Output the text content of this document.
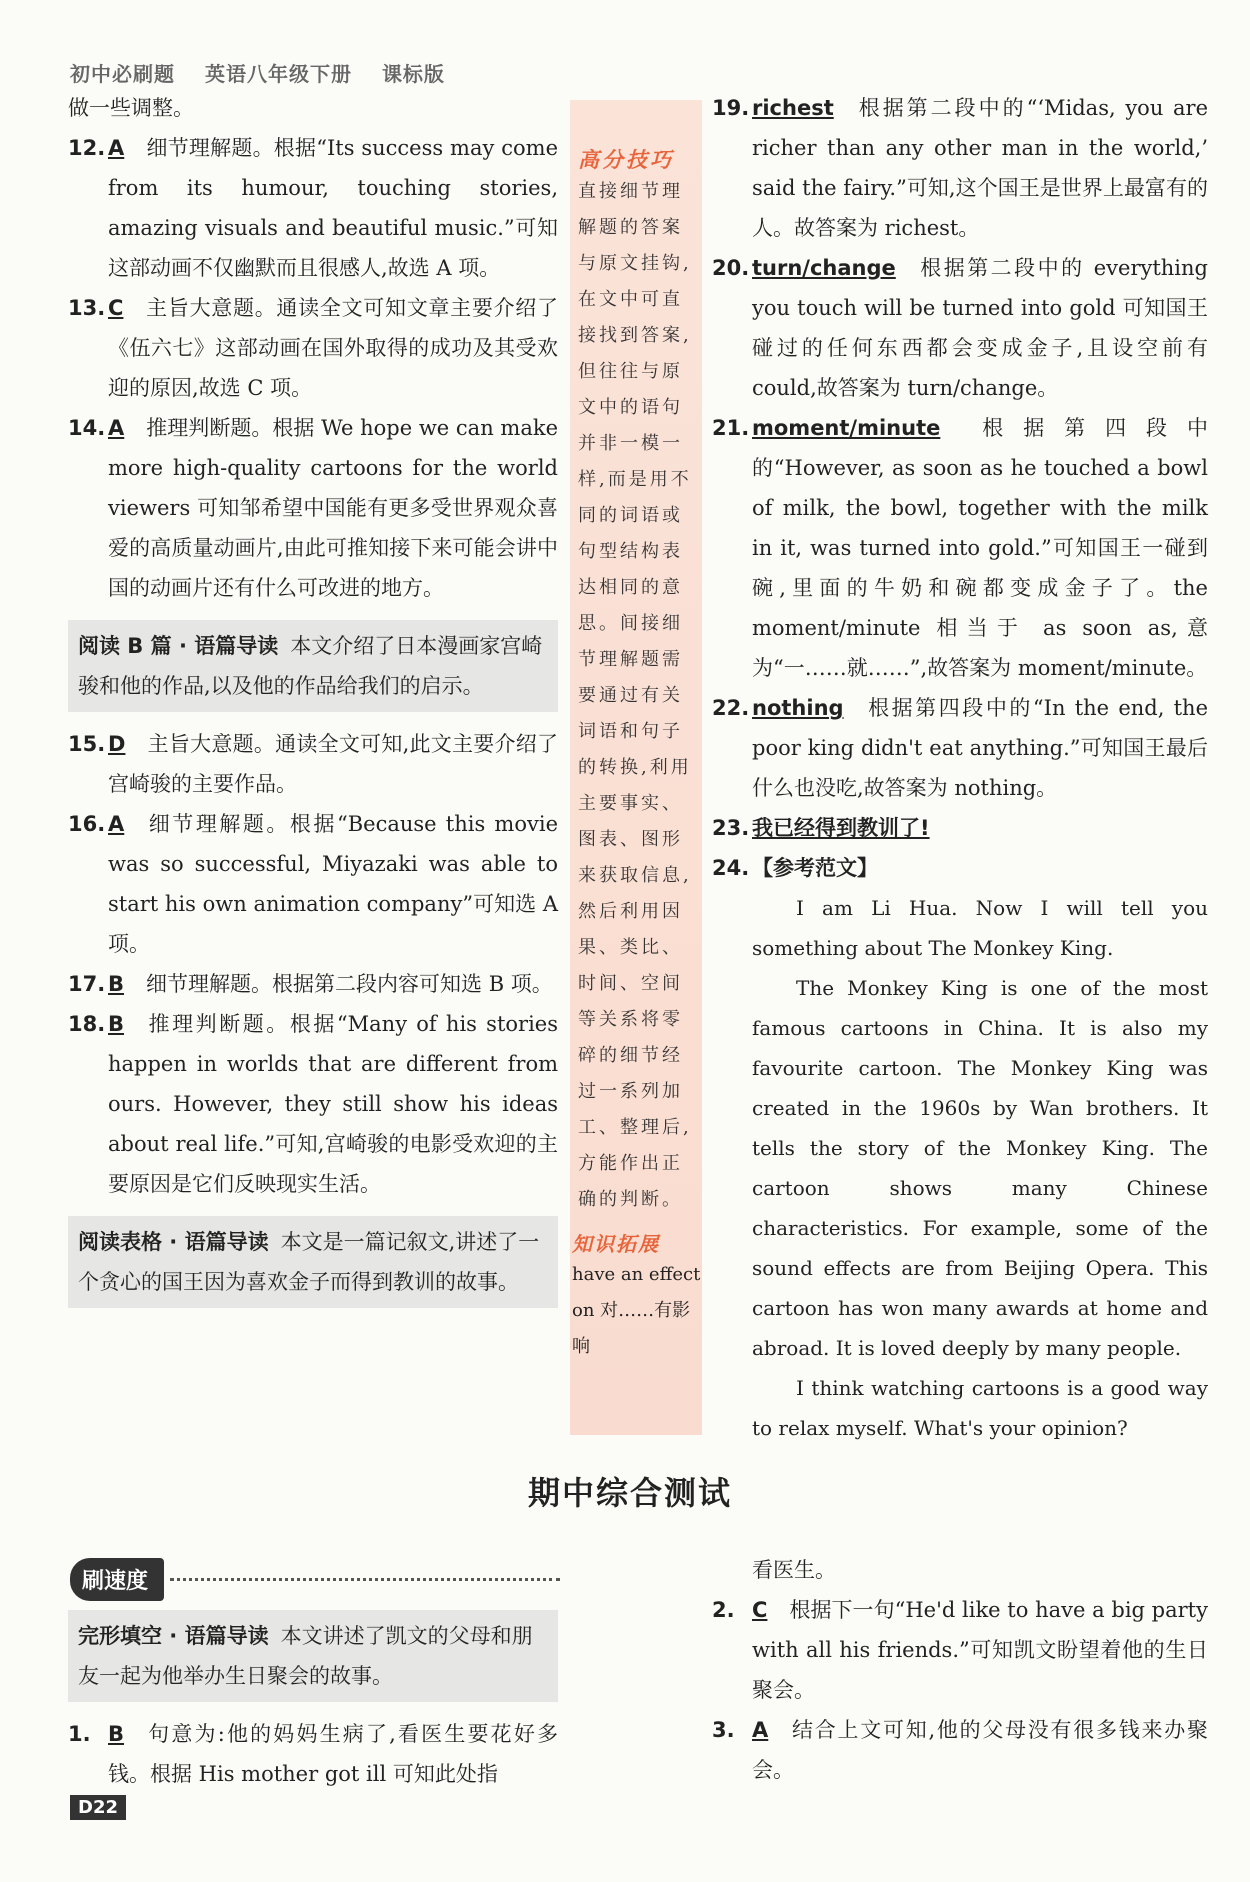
初中必刷题 英语八年级下册 课标版

做一些调整。

12. A 细节理解题。根据“Its success may come from its humour, touching stories, amazing visuals and beautiful music.”可知这部动画不仅幽默而且很感人,故选 A 项。
13. C 主旨大意题。通读全文可知文章主要介绍了《伍六七》这部动画在国外取得的成功及其受欢迎的原因,故选 C 项。
14. A 推理判断题。根据 We hope we can make more high-quality cartoons for the world viewers 可知邹希望中国能有更多受世界观众喜爱的高质量动画片,由此可推知接下来可能会讲中国的动画片还有什么可改进的地方。
阅读 B 篇 · 语篇导读 本文介绍了日本漫画家宫崎骏和他的作品,以及他的作品给我们的启示。
15. D 主旨大意题。通读全文可知,此文主要介绍了宫崎骏的主要作品。
16. A 细节理解题。根据“Because this movie was so successful, Miyazaki was able to start his own animation company”可知选 A 项。
17. B 细节理解题。根据第二段内容可知选 B 项。
18. B 推理判断题。根据“Many of his stories happen in worlds that are different from ours. However, they still show his ideas about real life.”可知,宫崎骏的电影受欢迎的主要原因是它们反映现实生活。
阅读表格 · 语篇导读 本文是一篇记叙文,讲述了一个贪心的国王因为喜欢金子而得到教训的故事。
高分技巧
直接细节理解题的答案与原文挂钩,在文中可直接找到答案,但往往与原文中的语句并非一模一样,而是用不同的词语或句型结构表达相同的意思。间接细节理解题需要通过有关词语和句子的转换,利用主要事实、图表、图形来获取信息,然后利用因果、类比、时间、空间等关系将零碎的细节经过一系列加工、整理后,方能作出正确的判断。
知识拓展
have an effect on 对……有影响
19. richest 根据第二段中的“‘Midas, you are richer than any other man in the world,’ said the fairy.”可知,这个国王是世界上最富有的人。故答案为 richest。
20. turn/change 根据第二段中的 everything you touch will be turned into gold 可知国王碰过的任何东西都会变成金子,且设空前有 could,故答案为 turn/change。
21. moment/minute 根据第四段中的“However, as soon as he touched a bowl of milk, the bowl, together with the milk in it, was turned into gold.”可知国王一碰到碗,里面的牛奶和碗都变成金子了。the moment/minute 相当于 as soon as,意为“一……就……”,故答案为 moment/minute。
22. nothing 根据第四段中的“In the end, the poor king didn't eat anything.”可知国王最后什么也没吃,故答案为 nothing。
23. 我已经得到教训了!
24. 【参考范文】

I am Li Hua. Now I will tell you something about The Monkey King.

The Monkey King is one of the most famous cartoons in China. It is also my favourite cartoon. The Monkey King was created in the 1960s by Wan brothers. It tells the story of the Monkey King. The cartoon shows many Chinese characteristics. For example, some of the sound effects are from Beijing Opera. This cartoon has won many awards at home and abroad. It is loved deeply by many people.

I think watching cartoons is a good way to relax myself. What's your opinion?

期中综合测试
刷速度
完形填空 · 语篇导读 本文讲述了凯文的父母和朋友一起为他举办生日聚会的故事。
1. B 句意为:他的妈妈生病了,看医生要花好多钱。根据 His mother got ill 可知此处指

看医生。

2. C 根据下一句“He'd like to have a big party with all his friends.”可知凯文盼望着他的生日聚会。
3. A 结合上文可知,他的父母没有很多钱来办聚会。
D22
